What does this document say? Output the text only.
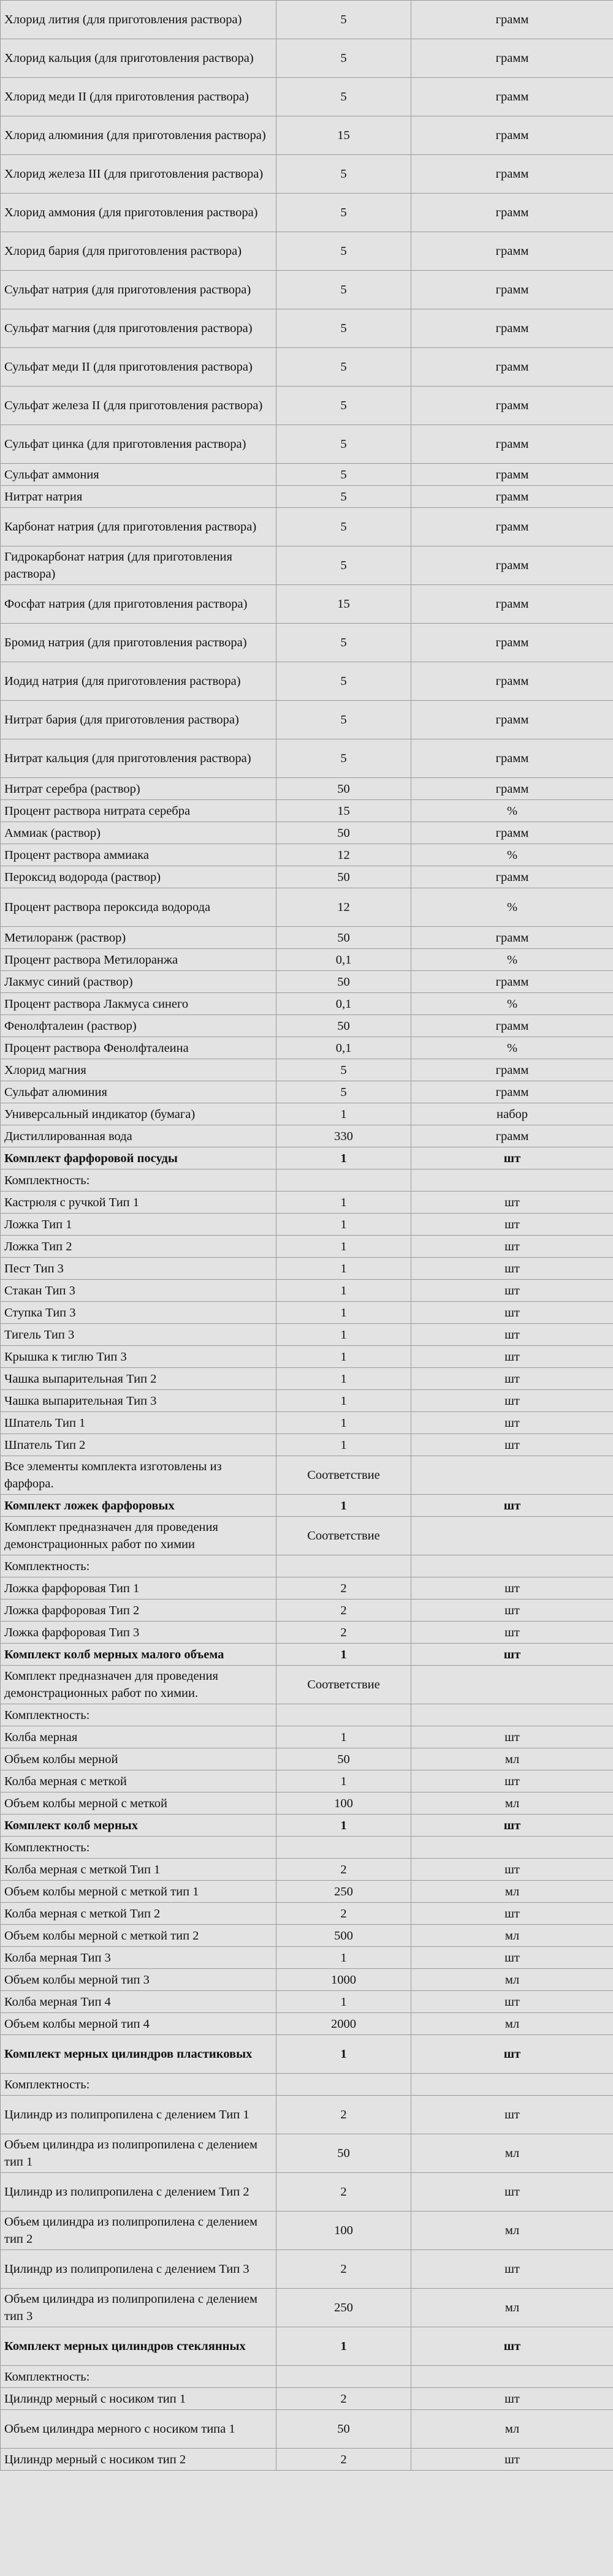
Хлорид лития (для приготовления раствора)	5	грамм
Хлорид кальция (для приготовления раствора)	5	грамм
Хлорид меди II (для приготовления раствора)	5	грамм
Хлорид алюминия (для приготовления раствора)	15	грамм
Хлорид железа III (для приготовления раствора)	5	грамм
Хлорид аммония (для приготовления раствора)	5	грамм
Хлорид бария (для приготовления раствора)	5	грамм
Сульфат натрия (для приготовления раствора)	5	грамм
Сульфат магния (для приготовления раствора)	5	грамм
Сульфат меди II (для приготовления раствора)	5	грамм
Сульфат железа II (для приготовления раствора)	5	грамм
Сульфат цинка (для приготовления раствора)	5	грамм
Сульфат аммония	5	грамм
Нитрат натрия	5	грамм
Карбонат натрия (для приготовления раствора)	5	грамм
Гидрокарбонат натрия (для приготовления раствора)	5	грамм
Фосфат натрия (для приготовления раствора)	15	грамм
Бромид натрия (для приготовления раствора)	5	грамм
Иодид натрия (для приготовления раствора)	5	грамм
Нитрат бария (для приготовления раствора)	5	грамм
Нитрат кальция (для приготовления раствора)	5	грамм
Нитрат серебра (раствор)	50	грамм
Процент раствора нитрата серебра	15	%
Аммиак (раствор)	50	грамм
Процент раствора аммиака	12	%
Пероксид водорода (раствор)	50	грамм
Процент раствора пероксида водорода	12	%
Метилоранж (раствор)	50	грамм
Процент раствора Метилоранжа	0,1	%
Лакмус синий (раствор)	50	грамм
Процент раствора Лакмуса синего	0,1	%
Фенолфталеин (раствор)	50	грамм
Процент раствора Фенолфталеина	0,1	%
Хлорид магния	5	грамм
Сульфат алюминия	5	грамм
Универсальный индикатор (бумага)	1	набор
Дистиллированная вода	330	грамм
Комплект фарфоровой посуды	1	шт
Комплектность:		
Кастрюля с ручкой Тип 1	1	шт
Ложка Тип 1	1	шт
Ложка Тип 2	1	шт
Пест Тип 3	1	шт
Стакан Тип 3	1	шт
Ступка Тип 3	1	шт
Тигель Тип 3	1	шт
Крышка к тиглю Тип 3	1	шт
Чашка выпарительная Тип 2	1	шт
Чашка выпарительная Тип 3	1	шт
Шпатель Тип 1	1	шт
Шпатель Тип 2	1	шт
Все элементы комплекта изготовлены из фарфора.	Соответствие	
Комплект ложек фарфоровых	1	шт
Комплект предназначен для проведения демонстрационных работ по химии	Соответствие	
Комплектность:		
Ложка фарфоровая Тип 1	2	шт
Ложка фарфоровая Тип 2	2	шт
Ложка фарфоровая Тип 3	2	шт
Комплект колб мерных малого объема	1	шт
Комплект предназначен для проведения демонстрационных работ по химии.	Соответствие	
Комплектность:		
Колба мерная	1	шт
Объем колбы мерной	50	мл
Колба мерная с меткой	1	шт
Объем колбы мерной с меткой	100	мл
Комплект колб мерных	1	шт
Комплектность:		
Колба мерная с меткой Тип 1	2	шт
Объем колбы мерной с меткой тип 1	250	мл
Колба мерная с меткой Тип 2	2	шт
Объем колбы мерной с меткой тип 2	500	мл
Колба мерная Тип 3	1	шт
Объем колбы мерной тип 3	1000	мл
Колба мерная Тип 4	1	шт
Объем колбы мерной тип 4	2000	мл
Комплект мерных цилиндров пластиковых	1	шт
Комплектность:		
Цилиндр из полипропилена с делением Тип 1	2	шт
Объем цилиндра из полипропилена с делением тип 1	50	мл
Цилиндр из полипропилена с делением Тип 2	2	шт
Объем цилиндра из полипропилена с делением тип 2	100	мл
Цилиндр из полипропилена с делением Тип 3	2	шт
Объем цилиндра из полипропилена с делением тип 3	250	мл
Комплект мерных цилиндров стеклянных	1	шт
Комплектность:		
Цилиндр мерный с носиком тип 1	2	шт
Объем цилиндра мерного с носиком типа 1	50	мл
Цилиндр мерный с носиком тип 2	2	шт
